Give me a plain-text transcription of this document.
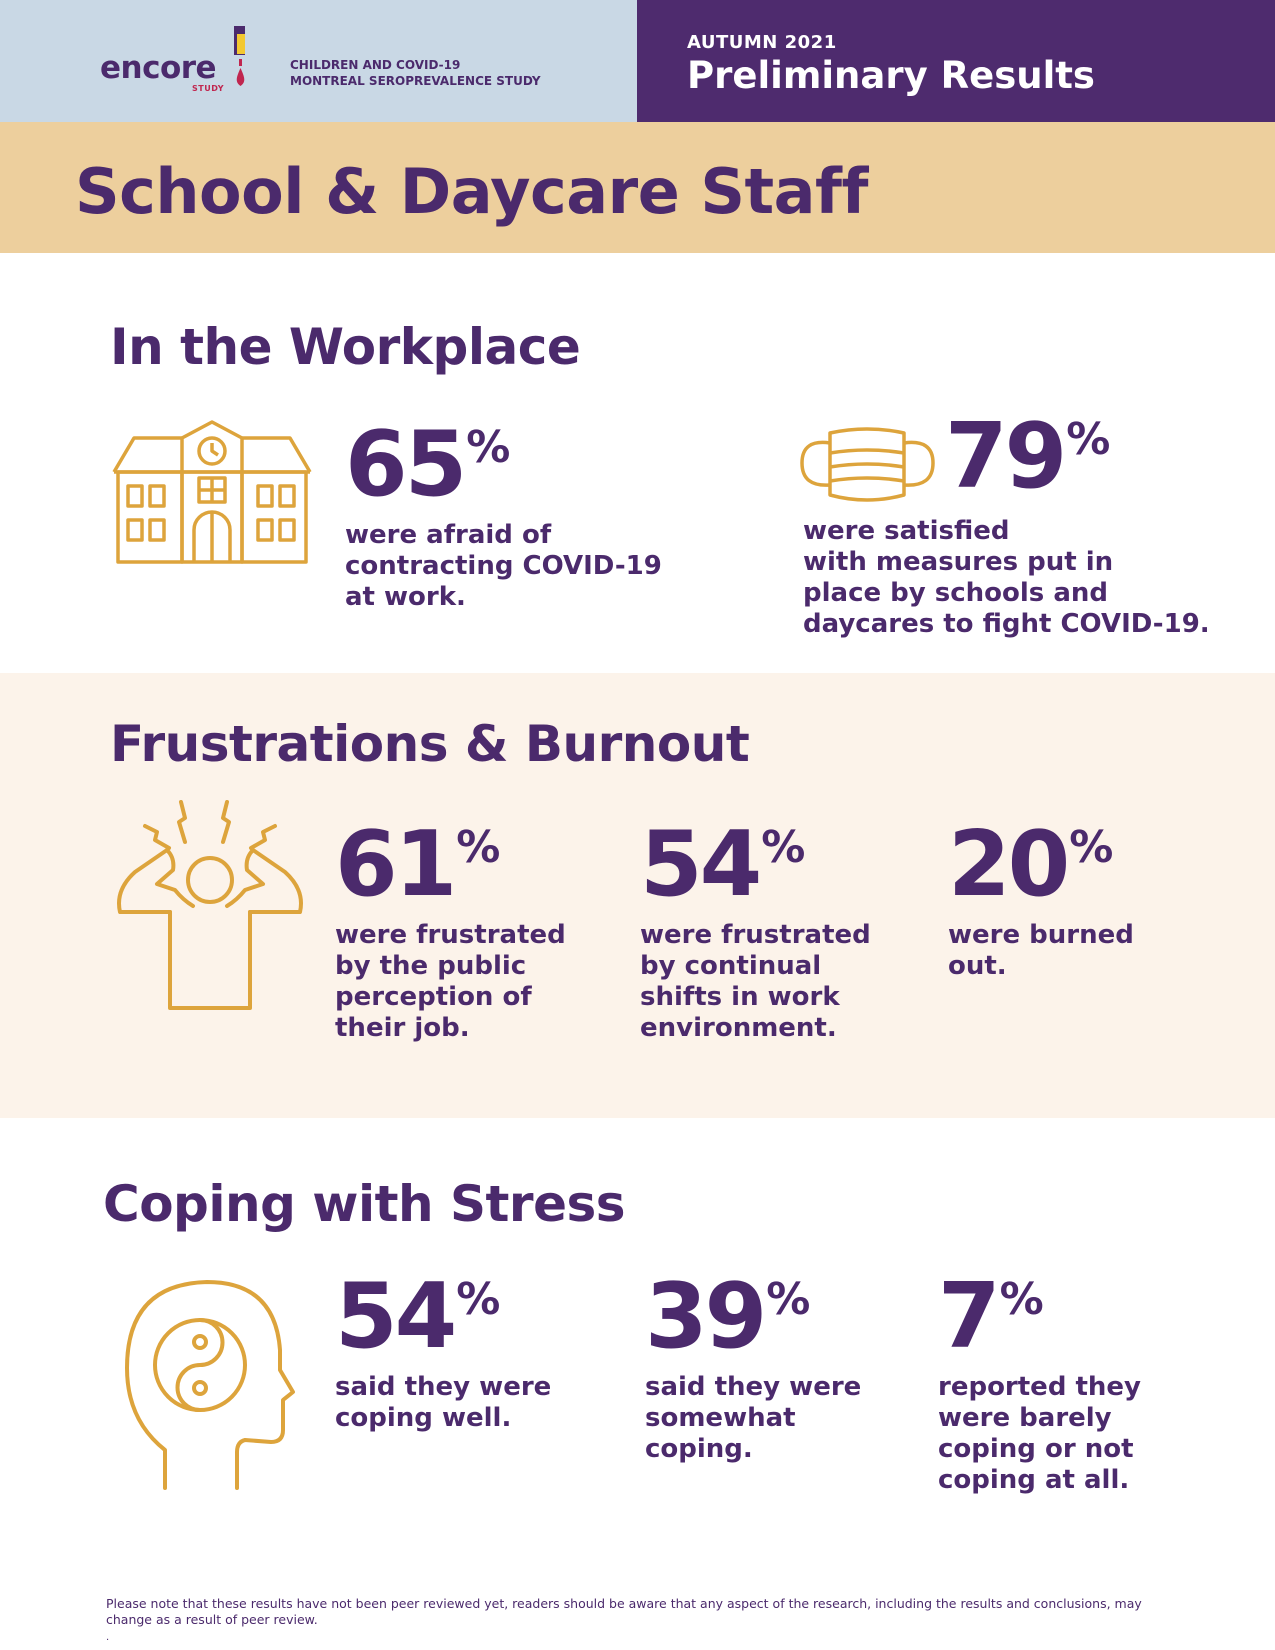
encore
STUDY
CHILDREN AND COVID-19
MONTREAL SEROPREVALENCE STUDY
AUTUMN 2021
Preliminary Results
School & Daycare Staff
In the Workplace
65%
were afraid of
contracting COVID-19
at work.
79%
were satisfied
with measures put in
place by schools and
daycares to fight COVID-19.
Frustrations & Burnout
61%
were frustrated
by the public
perception of
their job.
54%
were frustrated
by continual
shifts in work
environment.
20%
were burned
out.
Coping with Stress
54%
said they were
coping well.
39%
said they were
somewhat
coping.
7%
reported they
were barely
coping or not
coping at all.
Please note that these results have not been peer reviewed yet, readers should be aware that any aspect of the research, including the results and conclusions, may change as a result of peer review.
.
